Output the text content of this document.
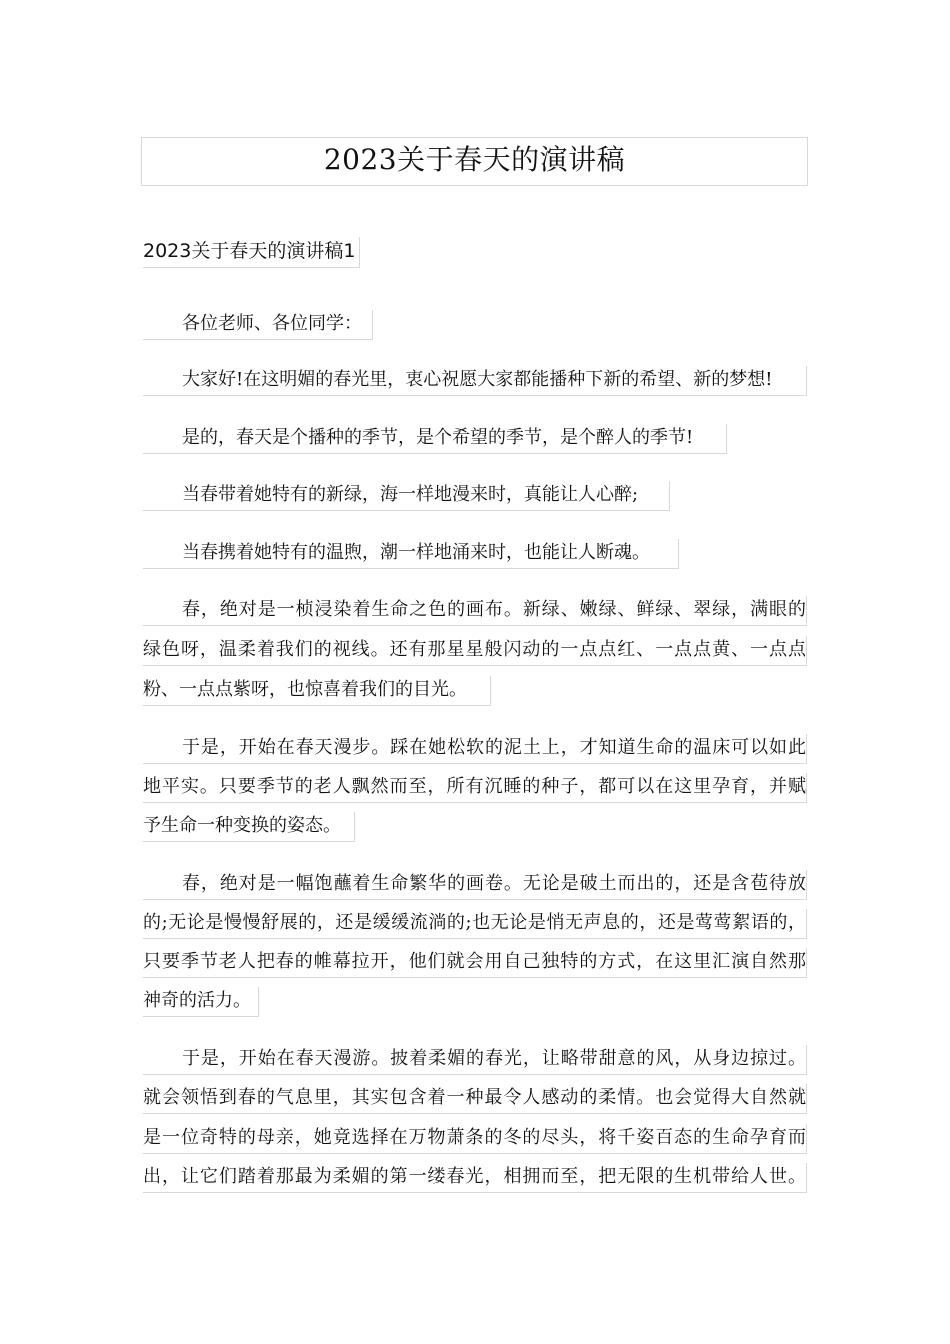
2023关于春天的演讲稿
2023关于春天的演讲稿1
各位老师、各位同学：
大家好!在这明媚的春光里，衷心祝愿大家都能播种下新的希望、新的梦想!
是的，春天是个播种的季节，是个希望的季节，是个醉人的季节!
当春带着她特有的新绿，海一样地漫来时，真能让人心醉;
当春携着她特有的温煦，潮一样地涌来时，也能让人断魂。
春，绝对是一桢浸染着生命之色的画布。新绿、嫩绿、鲜绿、翠绿，满眼的
绿色呀，温柔着我们的视线。还有那星星般闪动的一点点红、一点点黄、一点点
粉、一点点紫呀，也惊喜着我们的目光。
于是，开始在春天漫步。踩在她松软的泥土上，才知道生命的温床可以如此
地平实。只要季节的老人飘然而至，所有沉睡的种子，都可以在这里孕育，并赋
予生命一种变换的姿态。
春，绝对是一幅饱蘸着生命繁华的画卷。无论是破土而出的，还是含苞待放
的;无论是慢慢舒展的，还是缓缓流淌的;也无论是悄无声息的，还是莺莺絮语的，
只要季节老人把春的帷幕拉开，他们就会用自己独特的方式，在这里汇演自然那
神奇的活力。
于是，开始在春天漫游。披着柔媚的春光，让略带甜意的风，从身边掠过。
就会领悟到春的气息里，其实包含着一种最令人感动的柔情。也会觉得大自然就
是一位奇特的母亲，她竟选择在万物萧条的冬的尽头，将千姿百态的生命孕育而
出，让它们踏着那最为柔媚的第一缕春光，相拥而至，把无限的生机带给人世。
